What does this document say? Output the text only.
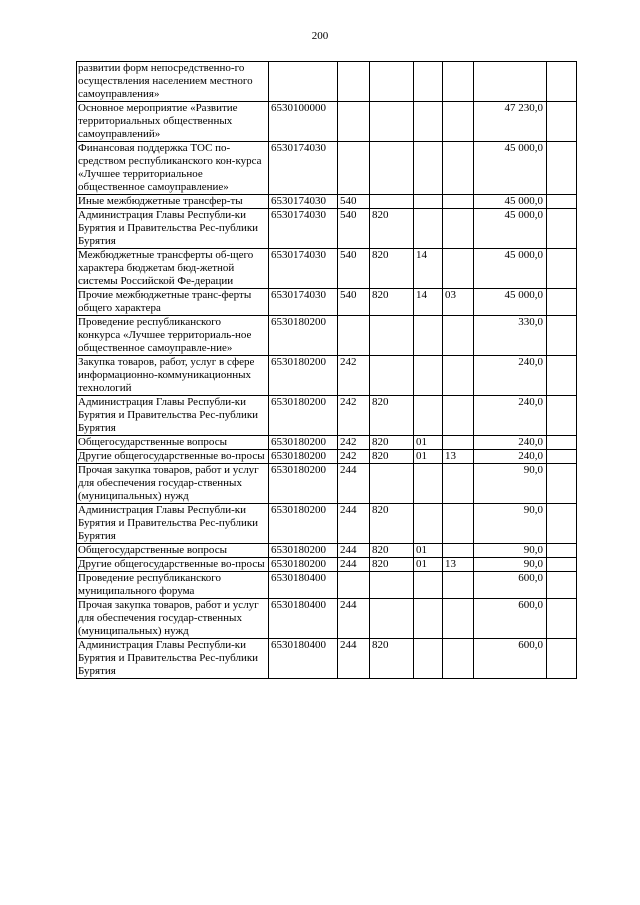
200
развитии форм непосредственно-го осуществления населением местного самоуправления»							
Основное мероприятие «Развитие территориальных общественных самоуправлений»	6530100000					47 230,0	
Финансовая поддержка ТОС по-средством республиканского кон-курса «Лучшее территориальное общественное самоуправление»	6530174030					45 000,0	
Иные межбюджетные трансфер-ты	6530174030	540				45 000,0	
Администрация Главы Республи-ки Бурятия и Правительства Рес-публики Бурятия	6530174030	540	820			45 000,0	
Межбюджетные трансферты об-щего характера бюджетам бюд-жетной системы Российской Фе-дерации	6530174030	540	820	14		45 000,0	
Прочие межбюджетные транс-ферты общего характера	6530174030	540	820	14	03	45 000,0	
Проведение республиканского конкурса «Лучшее территориаль-ное общественное самоуправле-ние»	6530180200					330,0	
Закупка товаров, работ, услуг в сфере информационно-коммуникационных технологий	6530180200	242				240,0	
Администрация Главы Республи-ки Бурятия и Правительства Рес-публики Бурятия	6530180200	242	820			240,0	
Общегосударственные вопросы	6530180200	242	820	01		240,0	
Другие общегосударственные во-просы	6530180200	242	820	01	13	240,0	
Прочая закупка товаров, работ и услуг для обеспечения государ-ственных (муниципальных) нужд	6530180200	244				90,0	
Администрация Главы Республи-ки Бурятия и Правительства Рес-публики Бурятия	6530180200	244	820			90,0	
Общегосударственные вопросы	6530180200	244	820	01		90,0	
Другие общегосударственные во-просы	6530180200	244	820	01	13	90,0	
Проведение республиканского муниципального форума	6530180400					600,0	
Прочая закупка товаров, работ и услуг для обеспечения государ-ственных (муниципальных) нужд	6530180400	244				600,0	
Администрация Главы Республи-ки Бурятия и Правительства Рес-публики Бурятия	6530180400	244	820			600,0	
